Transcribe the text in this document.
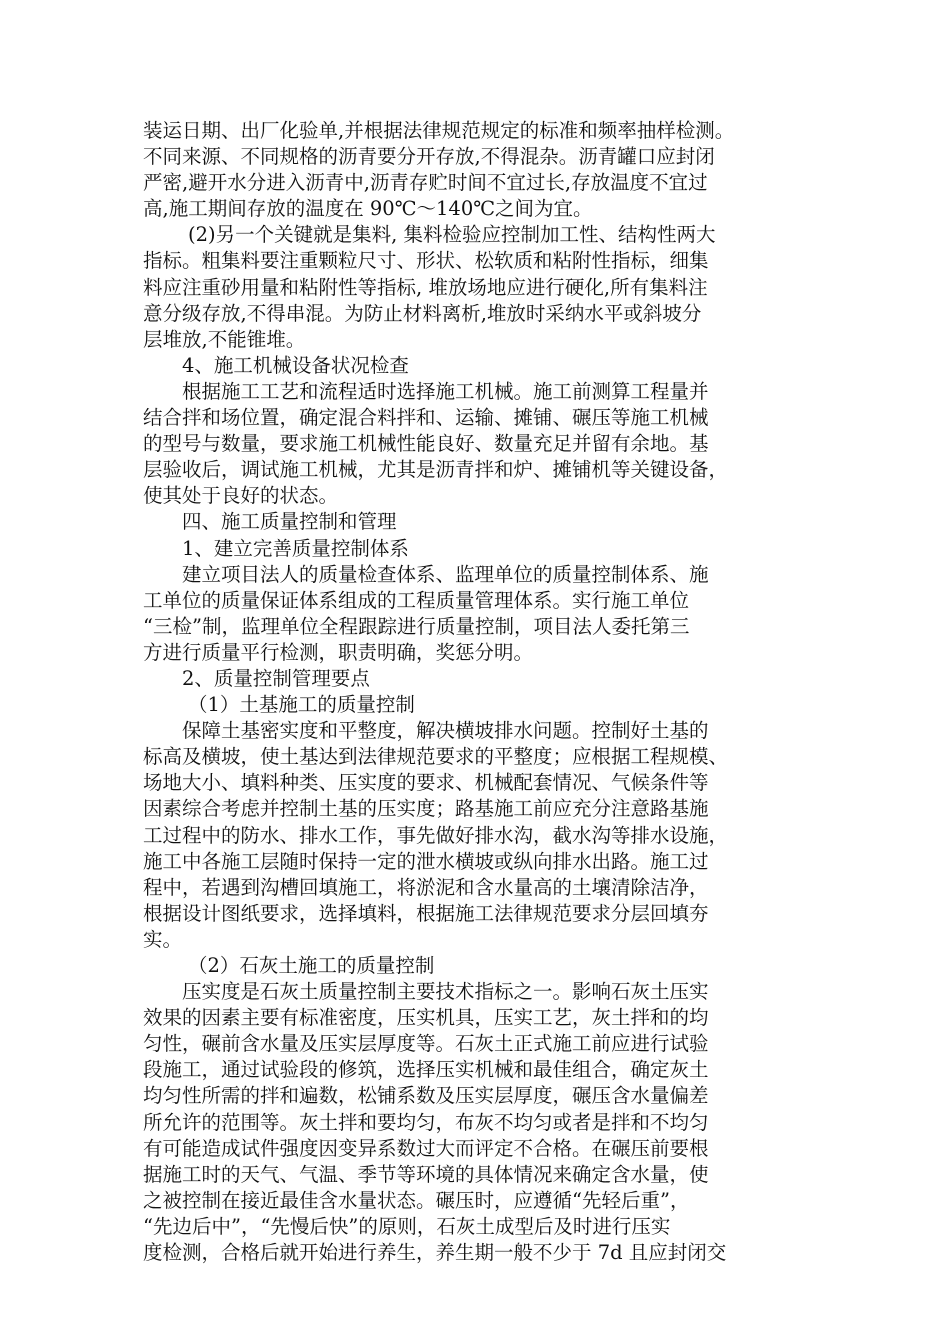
装运日期、出厂化验单,并根据法律规范规定的标准和频率抽样检测。
不同来源、不同规格的沥青要分开存放,不得混杂。沥青罐口应封闭
严密,避开水分进入沥青中,沥青存贮时间不宜过长,存放温度不宜过
高,施工期间存放的温度在 90℃～140℃之间为宜。
(2)另一个关键就是集料, 集料检验应控制加工性、结构性两大
指标。粗集料要注重颗粒尺寸、形状、松软质和粘附性指标，细集
料应注重砂用量和粘附性等指标, 堆放场地应进行硬化,所有集料注
意分级存放,不得串混。为防止材料离析,堆放时采纳水平或斜坡分
层堆放,不能锥堆。
4、施工机械设备状况检查
根据施工工艺和流程适时选择施工机械。施工前测算工程量并
结合拌和场位置，确定混合料拌和、运输、摊铺、碾压等施工机械
的型号与数量，要求施工机械性能良好、数量充足并留有余地。基
层验收后，调试施工机械，尤其是沥青拌和炉、摊铺机等关键设备，
使其处于良好的状态。
四、施工质量控制和管理
1、建立完善质量控制体系
建立项目法人的质量检查体系、监理单位的质量控制体系、施
工单位的质量保证体系组成的工程质量管理体系。实行施工单位
“三检”制，监理单位全程跟踪进行质量控制，项目法人委托第三
方进行质量平行检测，职责明确，奖惩分明。
2、质量控制管理要点
（1）土基施工的质量控制
保障土基密实度和平整度，解决横坡排水问题。控制好土基的
标高及横坡，使土基达到法律规范要求的平整度；应根据工程规模、
场地大小、填料种类、压实度的要求、机械配套情况、气候条件等
因素综合考虑并控制土基的压实度；路基施工前应充分注意路基施
工过程中的防水、排水工作，事先做好排水沟，截水沟等排水设施，
施工中各施工层随时保持一定的泄水横坡或纵向排水出路。施工过
程中，若遇到沟槽回填施工，将淤泥和含水量高的土壤清除洁净，
根据设计图纸要求，选择填料，根据施工法律规范要求分层回填夯
实。
（2）石灰土施工的质量控制
压实度是石灰土质量控制主要技术指标之一。影响石灰土压实
效果的因素主要有标准密度，压实机具，压实工艺，灰土拌和的均
匀性，碾前含水量及压实层厚度等。石灰土正式施工前应进行试验
段施工，通过试验段的修筑，选择压实机械和最佳组合，确定灰土
均匀性所需的拌和遍数，松铺系数及压实层厚度，碾压含水量偏差
所允许的范围等。灰土拌和要均匀，布灰不均匀或者是拌和不均匀
有可能造成试件强度因变异系数过大而评定不合格。在碾压前要根
据施工时的天气、气温、季节等环境的具体情况来确定含水量，使
之被控制在接近最佳含水量状态。碾压时，应遵循“先轻后重”，
“先边后中”，“先慢后快”的原则，石灰土成型后及时进行压实
度检测，合格后就开始进行养生，养生期一般不少于 7d 且应封闭交
